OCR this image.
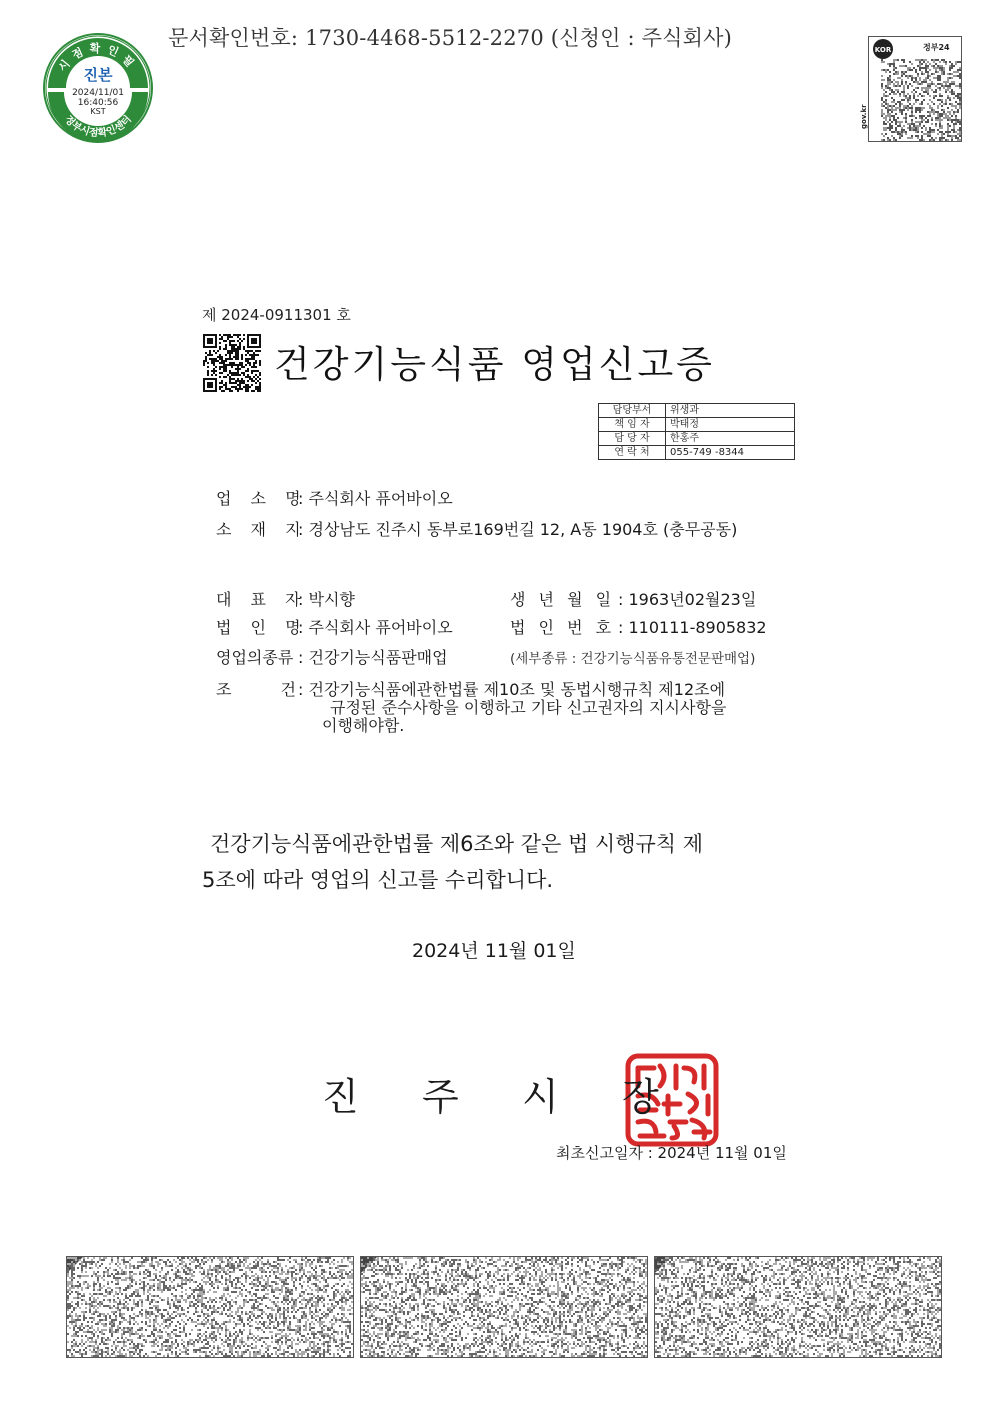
문서확인번호: 1730-4468-5512-2270 (신청인 : 주식회사)
시점확인필
정부시점확인센터
진본
2024/11/01
16:40:56
KST
KOR	정부24
gov.kr
제 2024-0911301 호
건강기능식품 영업신고증
담당부서	위생과
책 임 자	박태정
담 당 자	한홍주
연 락 처	055-749 -8344
업 소 명: 주식회사 퓨어바이오
소 재 지: 경상남도 진주시 동부로169번길 12, A동 1904호 (충무공동)
대 표 자: 박시향	생 년 월 일 : 1963년02월23일
법 인 명: 주식회사 퓨어바이오	법 인 번 호 : 110111-8905832
영업의종류 : 건강기능식품판매업	(세부종류 : 건강기능식품유통전문판매업)
조 건 : 건강기능식품에관한법률 제10조 및 동법시행규칙 제12조에
규정된 준수사항을 이행하고 기타 신고권자의 지시사항을
이행해야함.
건강기능식품에관한법률 제6조와 같은 법 시행규칙 제
5조에 따라 영업의 신고를 수리합니다.
2024년 11월 01일
진 주 시 장
최초신고일자 : 2024년 11월 01일
